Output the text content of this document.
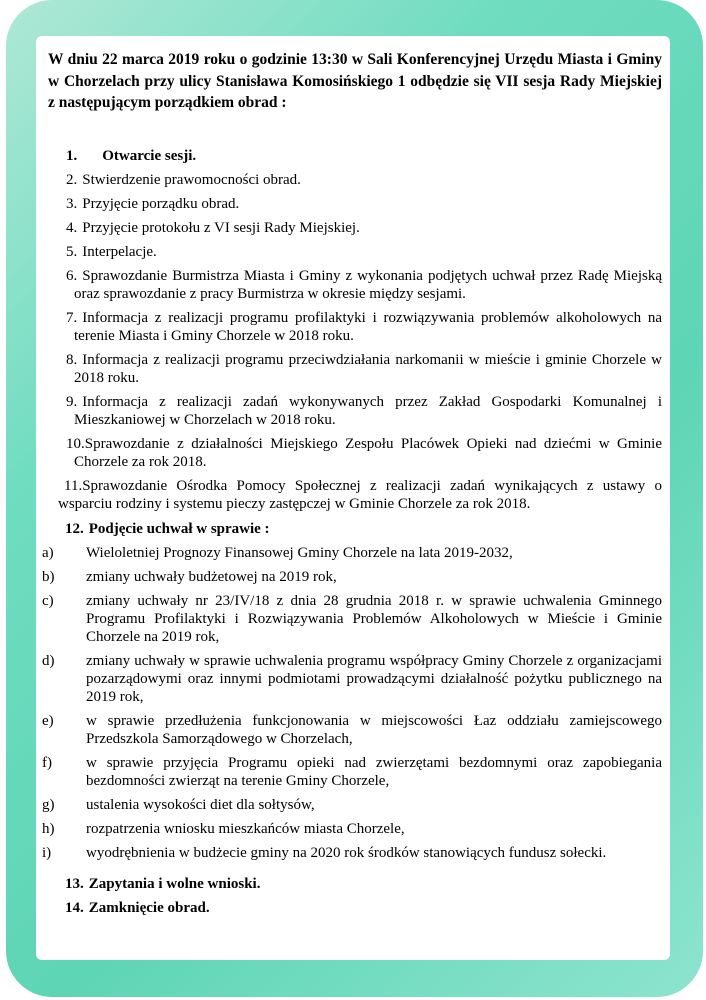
W dniu 22 marca 2019 roku o godzinie 13:30 w Sali Konferencyjnej Urzędu Miasta i Gminy w Chorzelach przy ulicy Stanisława Komosińskiego 1 odbędzie się VII sesja Rady Miejskiej z następującym porządkiem obrad :

1. Otwarcie sesji.

2. Stwierdzenie prawomocności obrad.

3. Przyjęcie porządku obrad.

4. Przyjęcie protokołu z VI sesji Rady Miejskiej.

5. Interpelacje.

6. Sprawozdanie Burmistrza Miasta i Gminy z wykonania podjętych uchwał przez Radę Miejską oraz sprawozdanie z pracy Burmistrza w okresie między sesjami.

7. Informacja z realizacji programu profilaktyki i rozwiązywania problemów alkoholowych na terenie Miasta i Gminy Chorzele w 2018 roku.

8. Informacja z realizacji programu przeciwdziałania narkomanii w mieście i gminie Chorzele w 2018 roku.

9. Informacja z realizacji zadań wykonywanych przez Zakład Gospodarki Komunalnej i Mieszkaniowej w Chorzelach w 2018 roku.

10.Sprawozdanie z działalności Miejskiego Zespołu Placówek Opieki nad dziećmi w Gminie Chorzele za rok 2018.

11.Sprawozdanie Ośrodka Pomocy Społecznej z realizacji zadań wynikających z ustawy o wsparciu rodziny i systemu pieczy zastępczej w Gminie Chorzele za rok 2018.

12. Podjęcie uchwał w sprawie :

a)	Wieloletniej Prognozy Finansowej Gminy Chorzele na lata 2019-2032,
b)	zmiany uchwały budżetowej na 2019 rok,
c)	zmiany uchwały nr 23/IV/18 z dnia 28 grudnia 2018 r. w sprawie uchwalenia Gminnego Programu Profilaktyki i Rozwiązywania Problemów Alkoholowych w Mieście i Gminie Chorzele na 2019 rok,
d)	zmiany uchwały w sprawie uchwalenia programu współpracy Gminy Chorzele z organizacjami pozarządowymi oraz innymi podmiotami prowadzącymi działalność pożytku publicznego na 2019 rok,
e)	w sprawie przedłużenia funkcjonowania w miejscowości Łaz oddziału zamiejscowego Przedszkola Samorządowego w Chorzelach,
f)	w sprawie przyjęcia Programu opieki nad zwierzętami bezdomnymi oraz zapobiegania bezdomności zwierząt na terenie Gminy Chorzele,
g)	ustalenia wysokości diet dla sołtysów,
h)	rozpatrzenia wniosku mieszkańców miasta Chorzele,
i)	wyodrębnienia w budżecie gminy na 2020 rok środków stanowiących fundusz sołecki.

13. Zapytania i wolne wnioski.

14. Zamknięcie obrad.
